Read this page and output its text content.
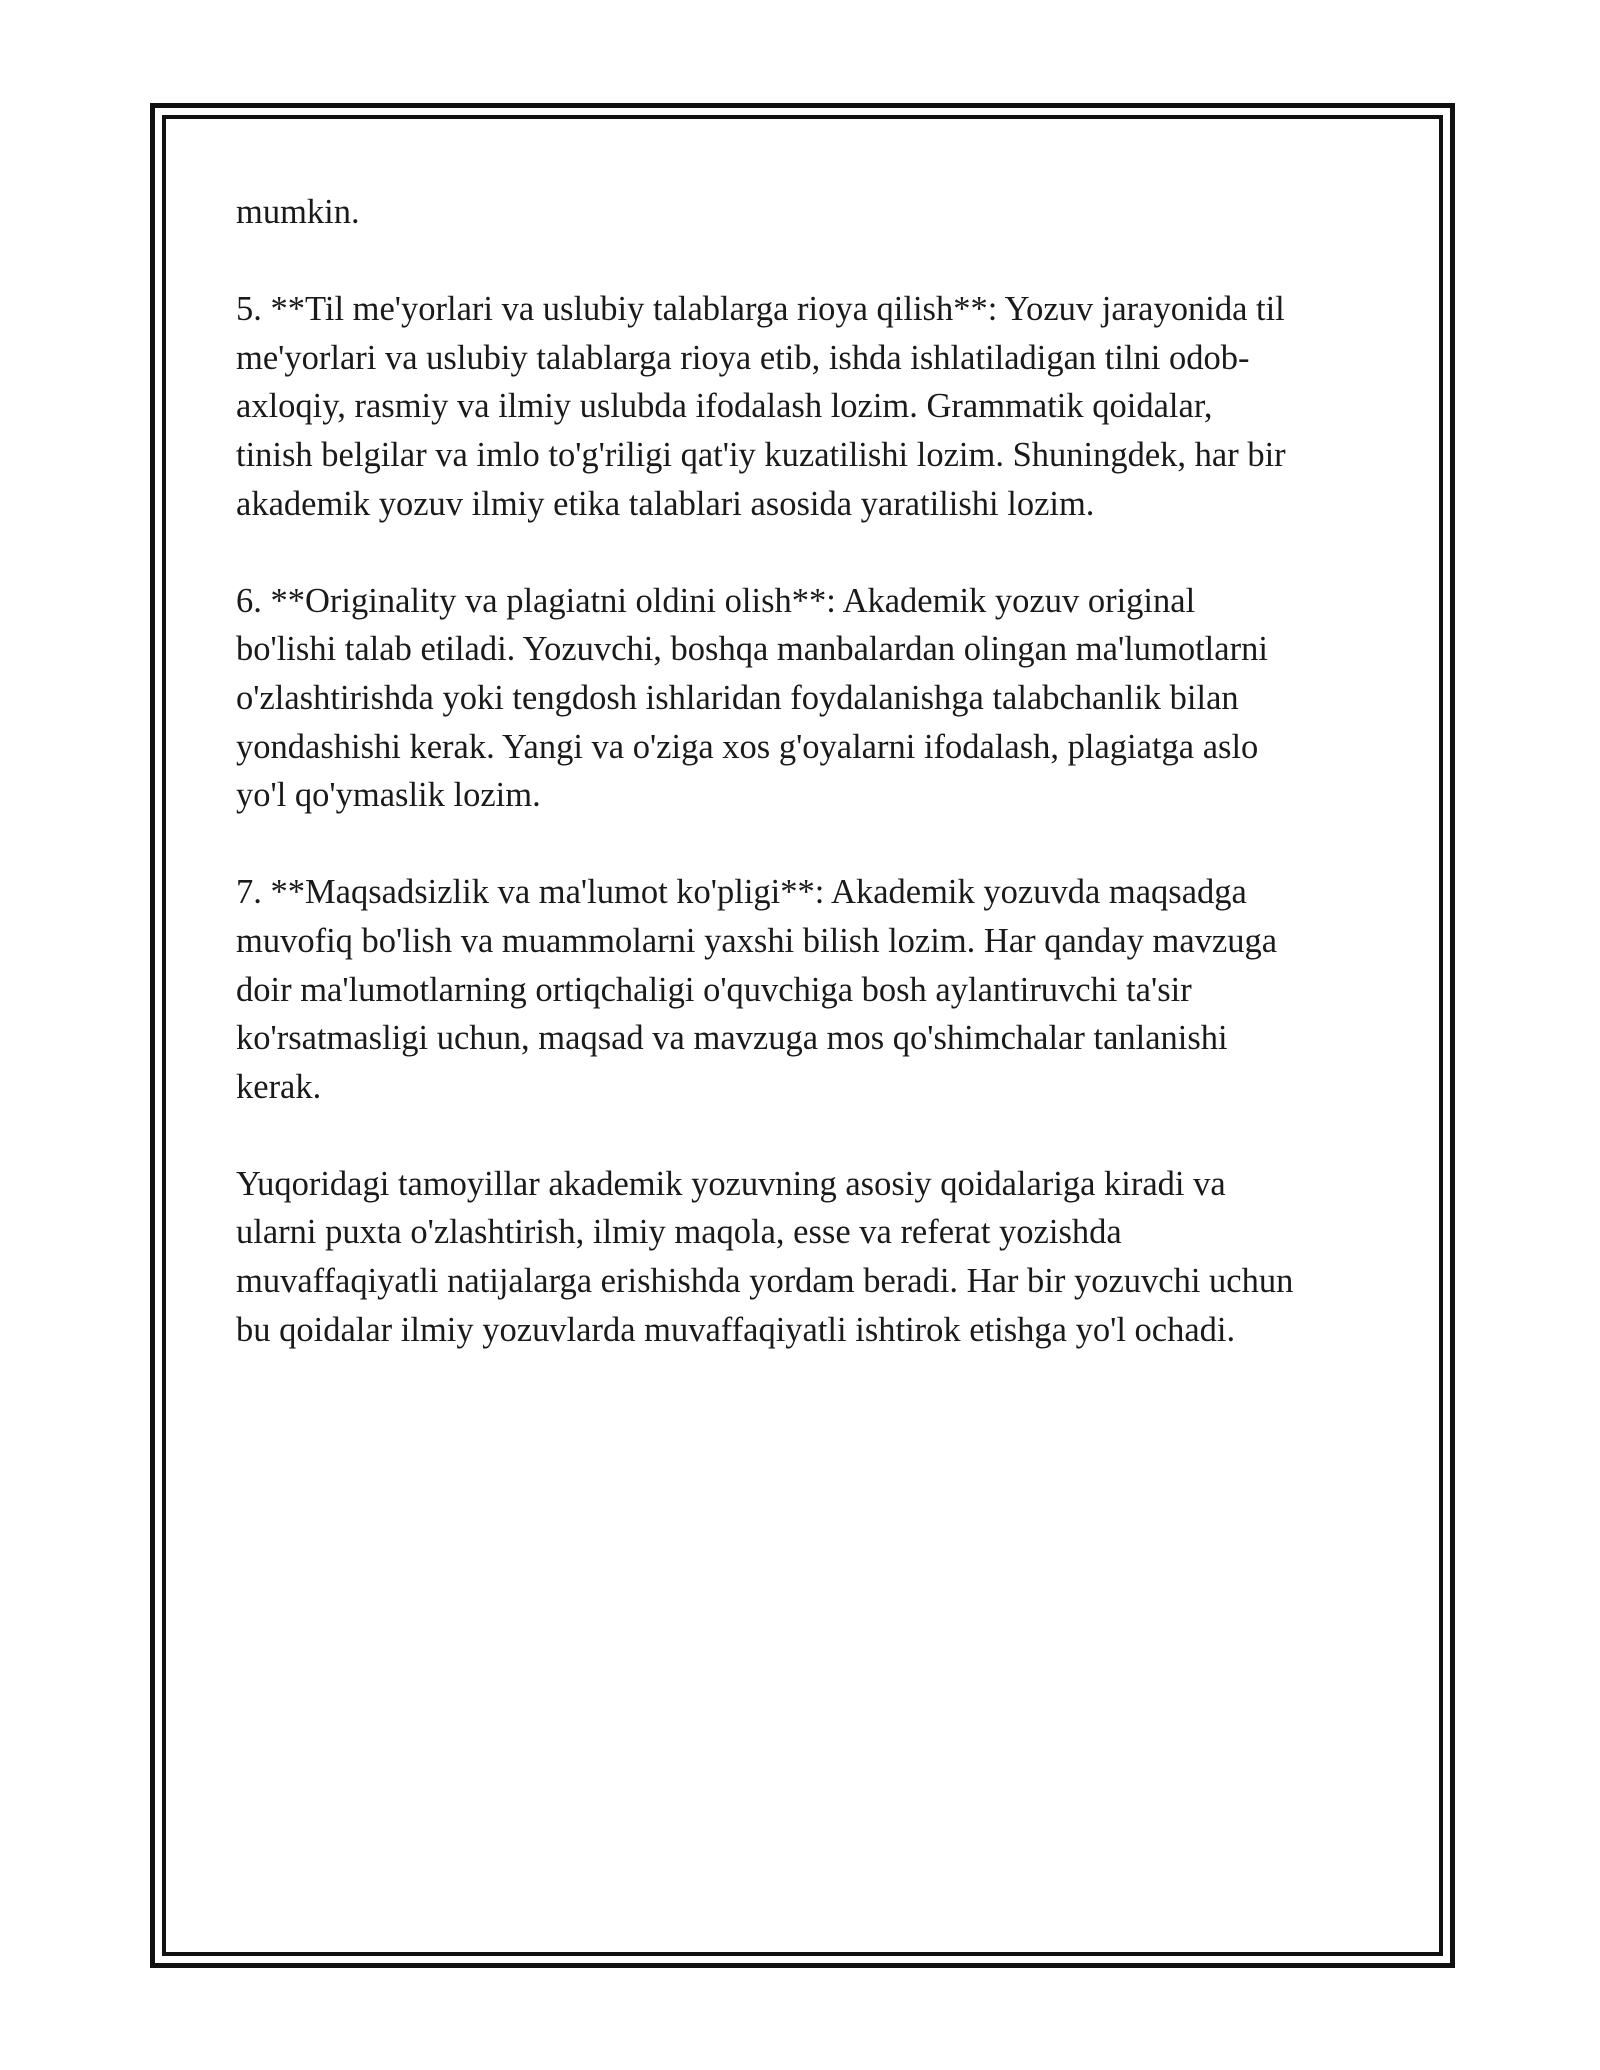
mumkin.

5. **Til me'yorlari va uslubiy talablarga rioya qilish**: Yozuv jarayonida til
me'yorlari va uslubiy talablarga rioya etib, ishda ishlatiladigan tilni odob-
axloqiy, rasmiy va ilmiy uslubda ifodalash lozim. Grammatik qoidalar,
tinish belgilar va imlo to'g'riligi qat'iy kuzatilishi lozim. Shuningdek, har bir
akademik yozuv ilmiy etika talablari asosida yaratilishi lozim.

6. **Originality va plagiatni oldini olish**: Akademik yozuv original
bo'lishi talab etiladi. Yozuvchi, boshqa manbalardan olingan ma'lumotlarni
o'zlashtirishda yoki tengdosh ishlaridan foydalanishga talabchanlik bilan
yondashishi kerak. Yangi va o'ziga xos g'oyalarni ifodalash, plagiatga aslo
yo'l qo'ymaslik lozim.

7. **Maqsadsizlik va ma'lumot ko'pligi**: Akademik yozuvda maqsadga
muvofiq bo'lish va muammolarni yaxshi bilish lozim. Har qanday mavzuga
doir ma'lumotlarning ortiqchaligi o'quvchiga bosh aylantiruvchi ta'sir
ko'rsatmasligi uchun, maqsad va mavzuga mos qo'shimchalar tanlanishi
kerak.

Yuqoridagi tamoyillar akademik yozuvning asosiy qoidalariga kiradi va
ularni puxta o'zlashtirish, ilmiy maqola, esse va referat yozishda
muvaffaqiyatli natijalarga erishishda yordam beradi. Har bir yozuvchi uchun
bu qoidalar ilmiy yozuvlarda muvaffaqiyatli ishtirok etishga yo'l ochadi.
